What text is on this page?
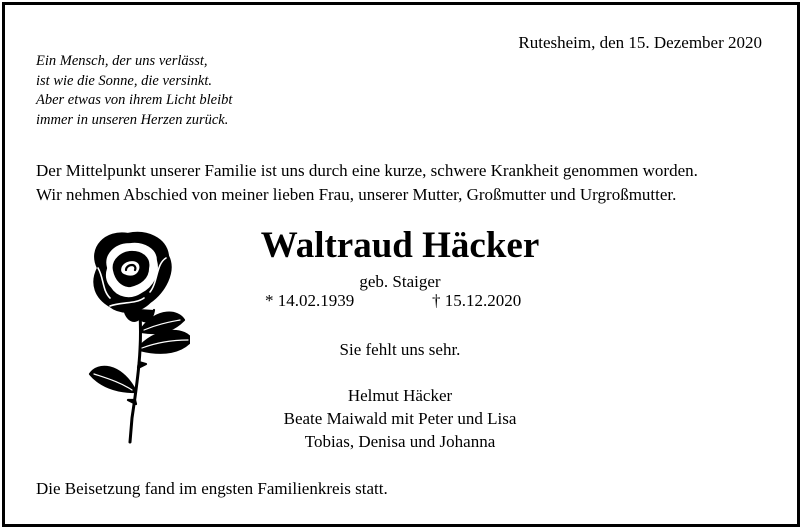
Rutesheim, den 15. Dezember 2020
Ein Mensch, der uns verlässt,
ist wie die Sonne, die versinkt.
Aber etwas von ihrem Licht bleibt
immer in unseren Herzen zurück.
Der Mittelpunkt unserer Familie ist uns durch eine kurze, schwere Krankheit genommen worden.
Wir nehmen Abschied von meiner lieben Frau, unserer Mutter, Großmutter und Urgroßmutter.
Waltraud Häcker
geb. Staiger
* 14.02.1939	† 15.12.2020
Sie fehlt uns sehr.
Helmut Häcker
Beate Maiwald mit Peter und Lisa
Tobias, Denisa und Johanna
Die Beisetzung fand im engsten Familienkreis statt.
